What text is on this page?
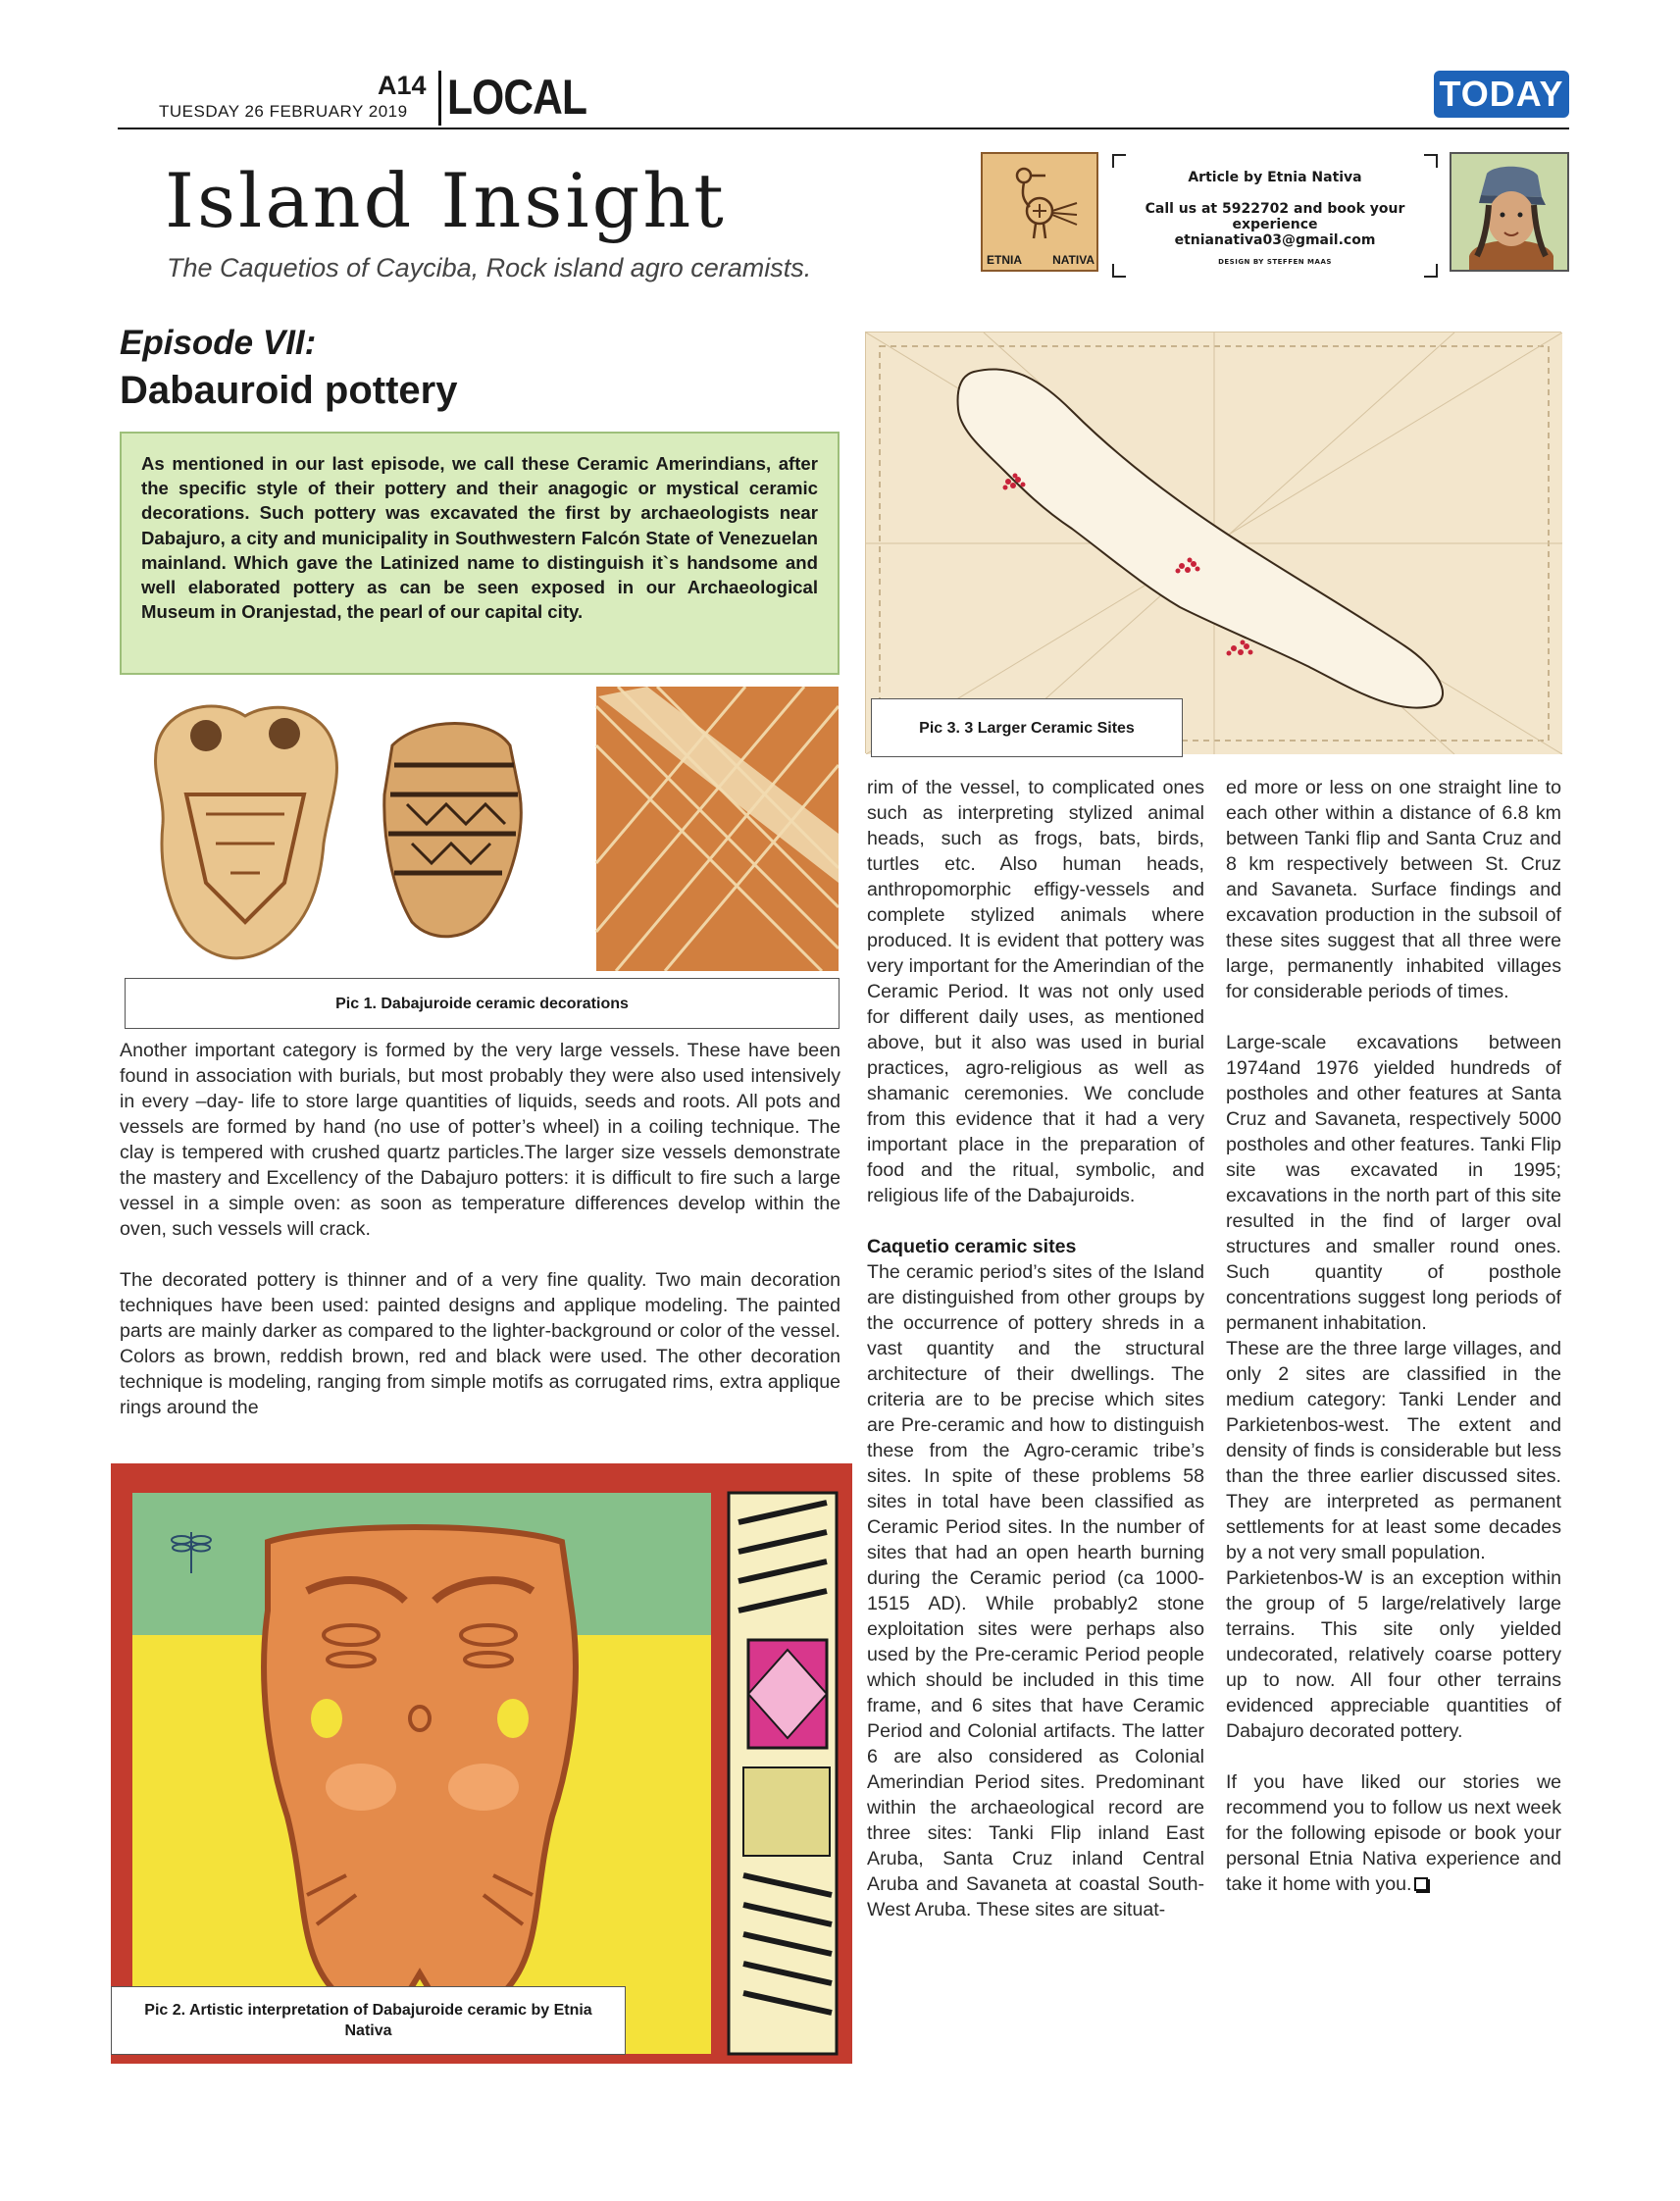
TUESDAY 26 FEBRUARY 2019
A14 LOCAL	TODAY
Island Insight
The Caquetios of Cayciba, Rock island agro ceramists.	ETNIA	NATIVA
Article by Etnia Nativa
Call us at 5922702 and book your experience
etnianativa03@gmail.com
DESIGN BY STEFFEN MAAS
Episode VII:
Dabauroid pottery

As mentioned in our last episode, we call these Ceramic Amerindians, after the specific style of their pottery and their anagogic or mystical ceramic decorations. Such pottery was excavated the first by archaeologists near Dabajuro, a city and municipality in Southwestern Falcón State of Venezuelan mainland. Which gave the Latinized name to distinguish it`s handsome and well elaborated pottery as can be seen exposed in our Archaeological Museum in Oranjestad, the pearl of our capital city.

Pic 1. Dabajuroide ceramic decorations

Another important category is formed by the very large vessels. These have been found in association with burials, but most probably they were also used intensively in every –day- life to store large quantities of liquids, seeds and roots. All pots and vessels are formed by hand (no use of potter’s wheel) in a coiling technique. The clay is tempered with crushed quartz particles.The larger size vessels demonstrate the mastery and Excellency of the Dabajuro potters: it is difficult to fire such a large vessel in a simple oven: as soon as temperature differences develop within the oven, such vessels will crack.

The decorated pottery is thinner and of a very fine quality. Two main decoration techniques have been used: painted designs and applique modeling. The painted parts are mainly darker as compared to the lighter-background or color of the vessel. Colors as brown, reddish brown, red and black were used. The other decoration technique is modeling, ranging from simple motifs as corrugated rims, extra applique rings around the

Pic 2. Artistic interpretation of Dabajuroide ceramic by Etnia Nativa
Pic 3. 3 Larger Ceramic Sites

rim of the vessel, to complicated ones such as interpreting stylized animal heads, such as frogs, bats, birds, turtles etc. Also human heads, anthropomorphic effigy-vessels and complete stylized animals where produced. It is evident that pottery was very important for the Amerindian of the Ceramic Period. It was not only used for different daily uses, as mentioned above, but it also was used in burial practices, agro-religious as well as shamanic ceremonies. We conclude from this evidence that it had a very important place in the preparation of food and the ritual, symbolic, and religious life of the Dabajuroids.

Caquetio ceramic sites

The ceramic period’s sites of the Island are distinguished from other groups by the occurrence of pottery shreds in a vast quantity and the structural architecture of their dwellings. The criteria are to be precise which sites are Pre-ceramic and how to distinguish these from the Agro-ceramic tribe’s sites. In spite of these problems 58 sites in total have been classified as Ceramic Period sites. In the number of sites that had an open hearth burning during the Ceramic period (ca 1000-1515 AD). While probably2 stone exploitation sites were perhaps also used by the Pre-ceramic Period people which should be included in this time frame, and 6 sites that have Ceramic Period and Colonial artifacts. The latter 6 are also considered as Colonial Amerindian Period sites. Predominant within the archaeological record are three sites: Tanki Flip inland East Aruba, Santa Cruz inland Central Aruba and Savaneta at coastal South-West Aruba. These sites are situat-

ed more or less on one straight line to each other within a distance of 6.8 km between Tanki flip and Santa Cruz and 8 km respectively between St. Cruz and Savaneta. Surface findings and excavation production in the subsoil of these sites suggest that all three were large, permanently inhabited villages for considerable periods of times.

Large-scale excavations between 1974and 1976 yielded hundreds of postholes and other features at Santa Cruz and Savaneta, respectively 5000 postholes and other features. Tanki Flip site was excavated in 1995; excavations in the north part of this site resulted in the find of larger oval structures and smaller round ones. Such quantity of posthole concentrations suggest long periods of permanent inhabitation.

These are the three large villages, and only 2 sites are classified in the medium category: Tanki Lender and Parkietenbos-west. The extent and density of finds is considerable but less than the three earlier discussed sites. They are interpreted as permanent settlements for at least some decades by a not very small population.

Parkietenbos-W is an exception within the group of 5 large/relatively large terrains. This site only yielded undecorated, relatively coarse pottery up to now. All four other terrains evidenced appreciable quantities of Dabajuro decorated pottery.

If you have liked our stories we recommend you to follow us next week for the following episode or book your personal Etnia Nativa experience and take it home with you.
